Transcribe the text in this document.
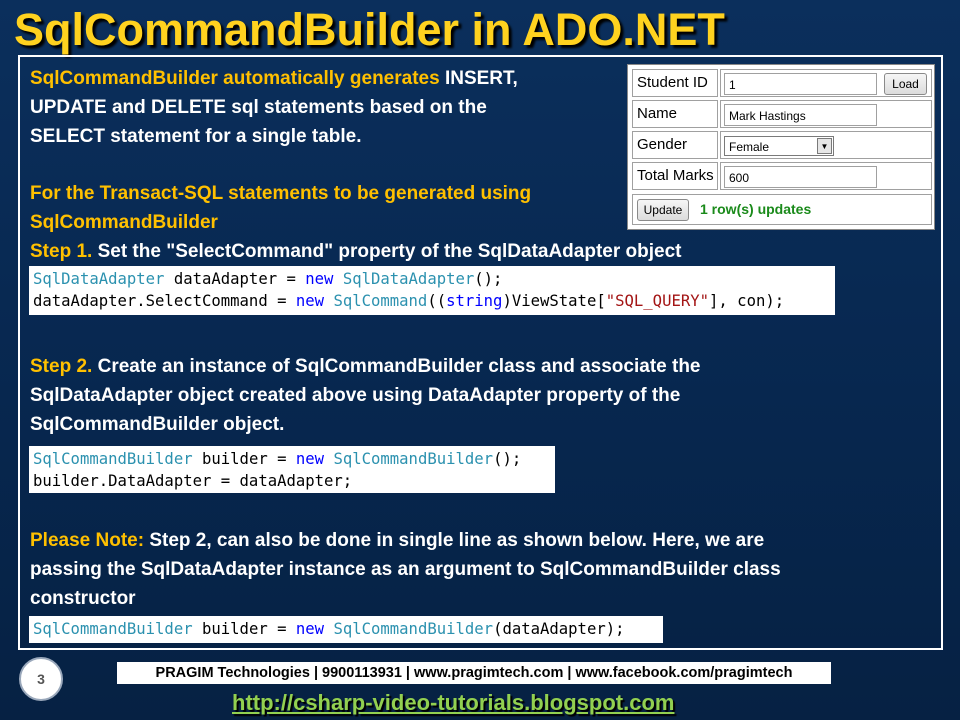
SqlCommandBuilder in ADO.NET
SqlCommandBuilder automatically generates INSERT,
UPDATE and DELETE sql statements based on the
SELECT statement for a single table.
For the Transact-SQL statements to be generated using
SqlCommandBuilder
Step 1. Set the "SelectCommand" property of the SqlDataAdapter object
SqlDataAdapter dataAdapter = new SqlDataAdapter();
dataAdapter.SelectCommand = new SqlCommand((string)ViewState["SQL_QUERY"], con);
Step 2. Create an instance of SqlCommandBuilder class and associate the
SqlDataAdapter object created above using DataAdapter property of the
SqlCommandBuilder object.
SqlCommandBuilder builder = new SqlCommandBuilder();
builder.DataAdapter = dataAdapter;
Please Note: Step 2, can also be done in single line as shown below. Here, we are
passing the SqlDataAdapter instance as an argument to SqlCommandBuilder class
constructor
SqlCommandBuilder builder = new SqlCommandBuilder(dataAdapter);
Student ID	1	Load
Name	Mark Hastings
Gender	Female	▼
Total Marks	600
Update	1 row(s) updates
3	PRAGIM Technologies | 9900113931 | www.pragimtech.com | www.facebook.com/pragimtech
http://csharp-video-tutorials.blogspot.com
